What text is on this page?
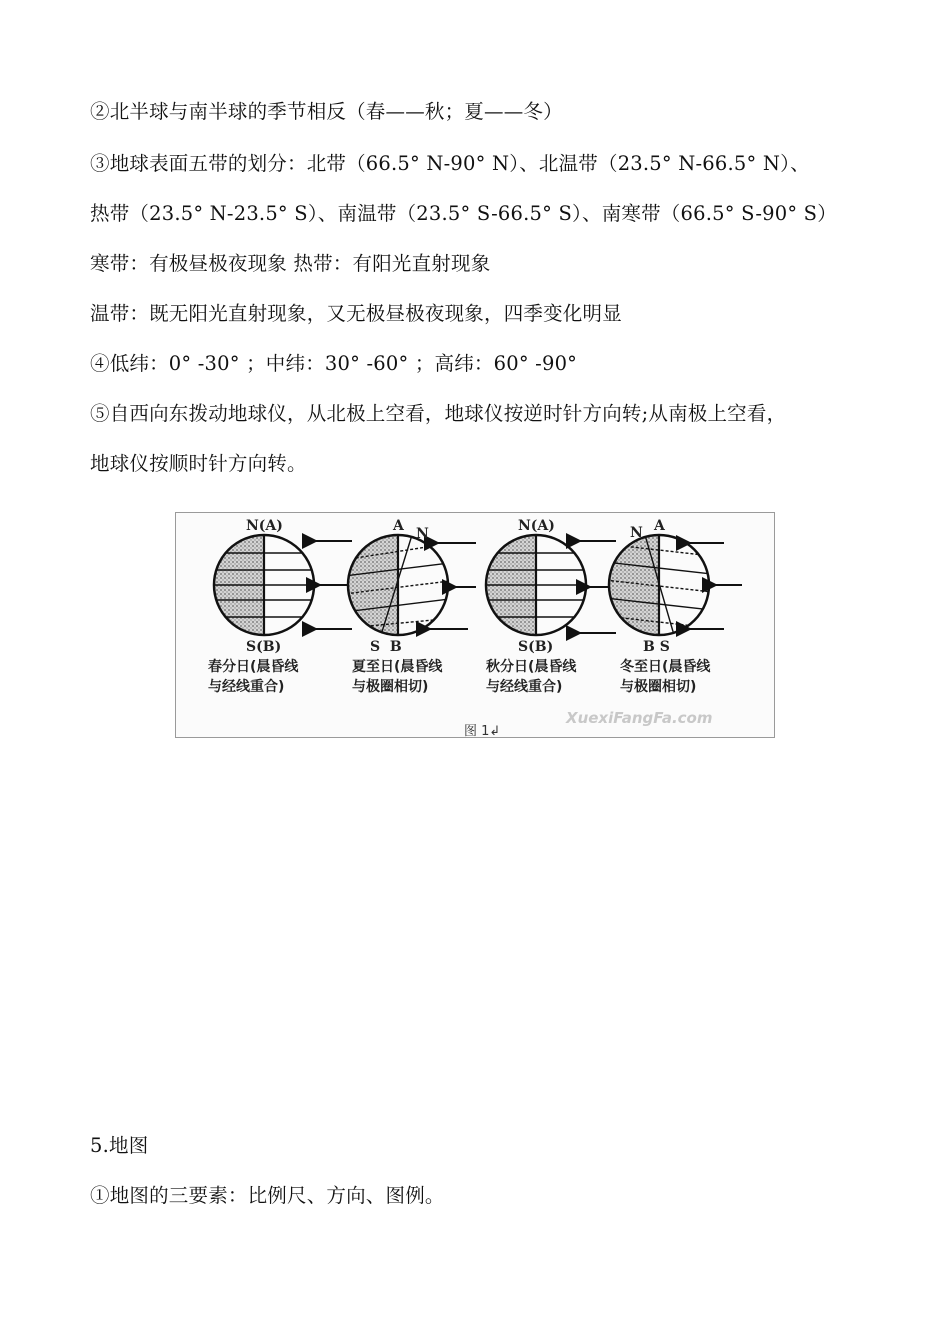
②北半球与南半球的季节相反（春——秋；夏——冬）
③地球表面五带的划分：北带（66.5° N-90° N）、北温带（23.5° N-66.5° N）、
热带（23.5° N-23.5° S）、南温带（23.5° S-66.5° S）、南寒带（66.5° S-90° S）
寒带：有极昼极夜现象 热带：有阳光直射现象
温带：既无阳光直射现象，又无极昼极夜现象，四季变化明显
④低纬：0° -30° ；中纬：30° -60° ；高纬：60° -90°
⑤自西向东拨动地球仪，从北极上空看，地球仪按逆时针方向转;从南极上空看，
地球仪按顺时针方向转。
N(A)
S(B)
春分日(晨昏线
与经线重合)
A N
S  B
夏至日(晨昏线
与极圈相切)
N(A)
S(B)
秋分日(晨昏线
与经线重合)
N A
B S
冬至日(晨昏线
与极圈相切)
XuexiFangFa.com
图 1↲
5.地图
①地图的三要素：比例尺、方向、图例。
